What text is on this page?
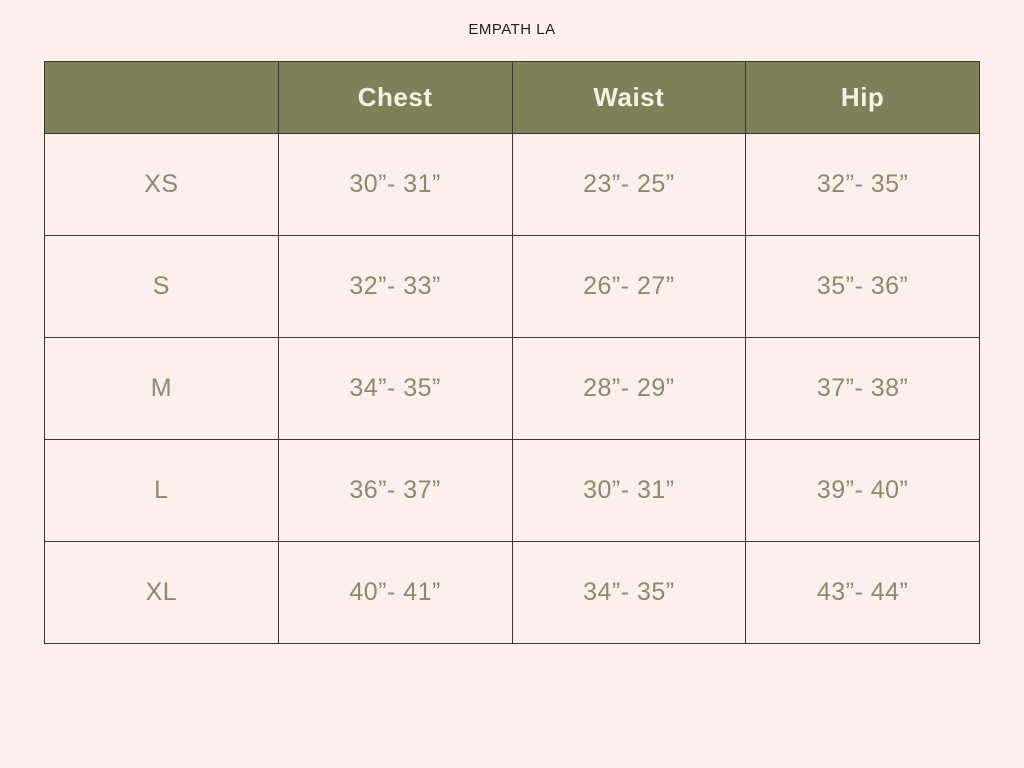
EMPATH LA
	Chest	Waist	Hip
XS	30”- 31”	23”- 25”	32”- 35”
S	32”- 33”	26”- 27”	35”- 36”
M	34”- 35”	28”- 29”	37”- 38”
L	36”- 37”	30”- 31”	39”- 40”
XL	40”- 41”	34”- 35”	43”- 44”
